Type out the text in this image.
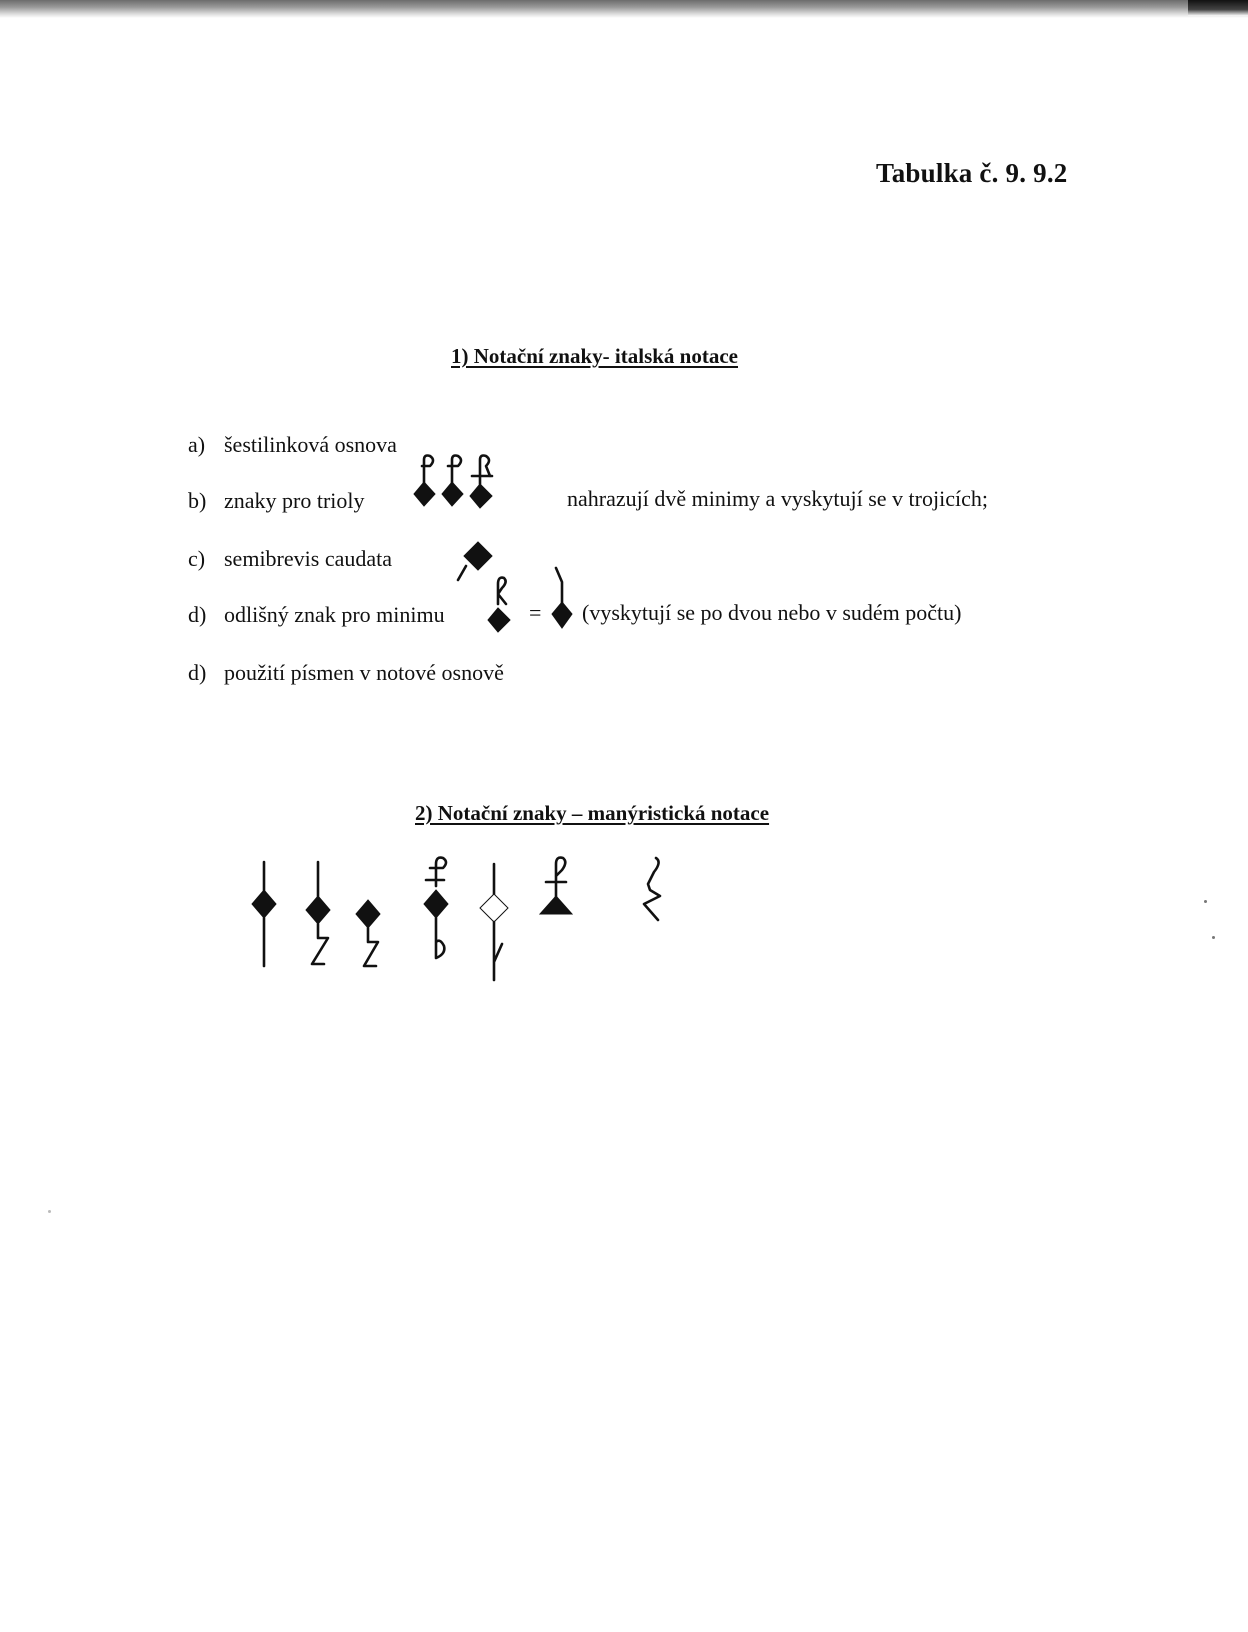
Tabulka č. 9. 9.2
1) Notační znaky- italská notace
a) šestilinková osnova
b) znaky pro trioly	nahrazují dvě minimy a vyskytují se v trojicích;
c) semibrevis caudata
d) odlišný znak pro minimu	= (vyskytují se po dvou nebo v sudém počtu)
d) použití písmen v notové osnově
2) Notační znaky – manýristická notace
